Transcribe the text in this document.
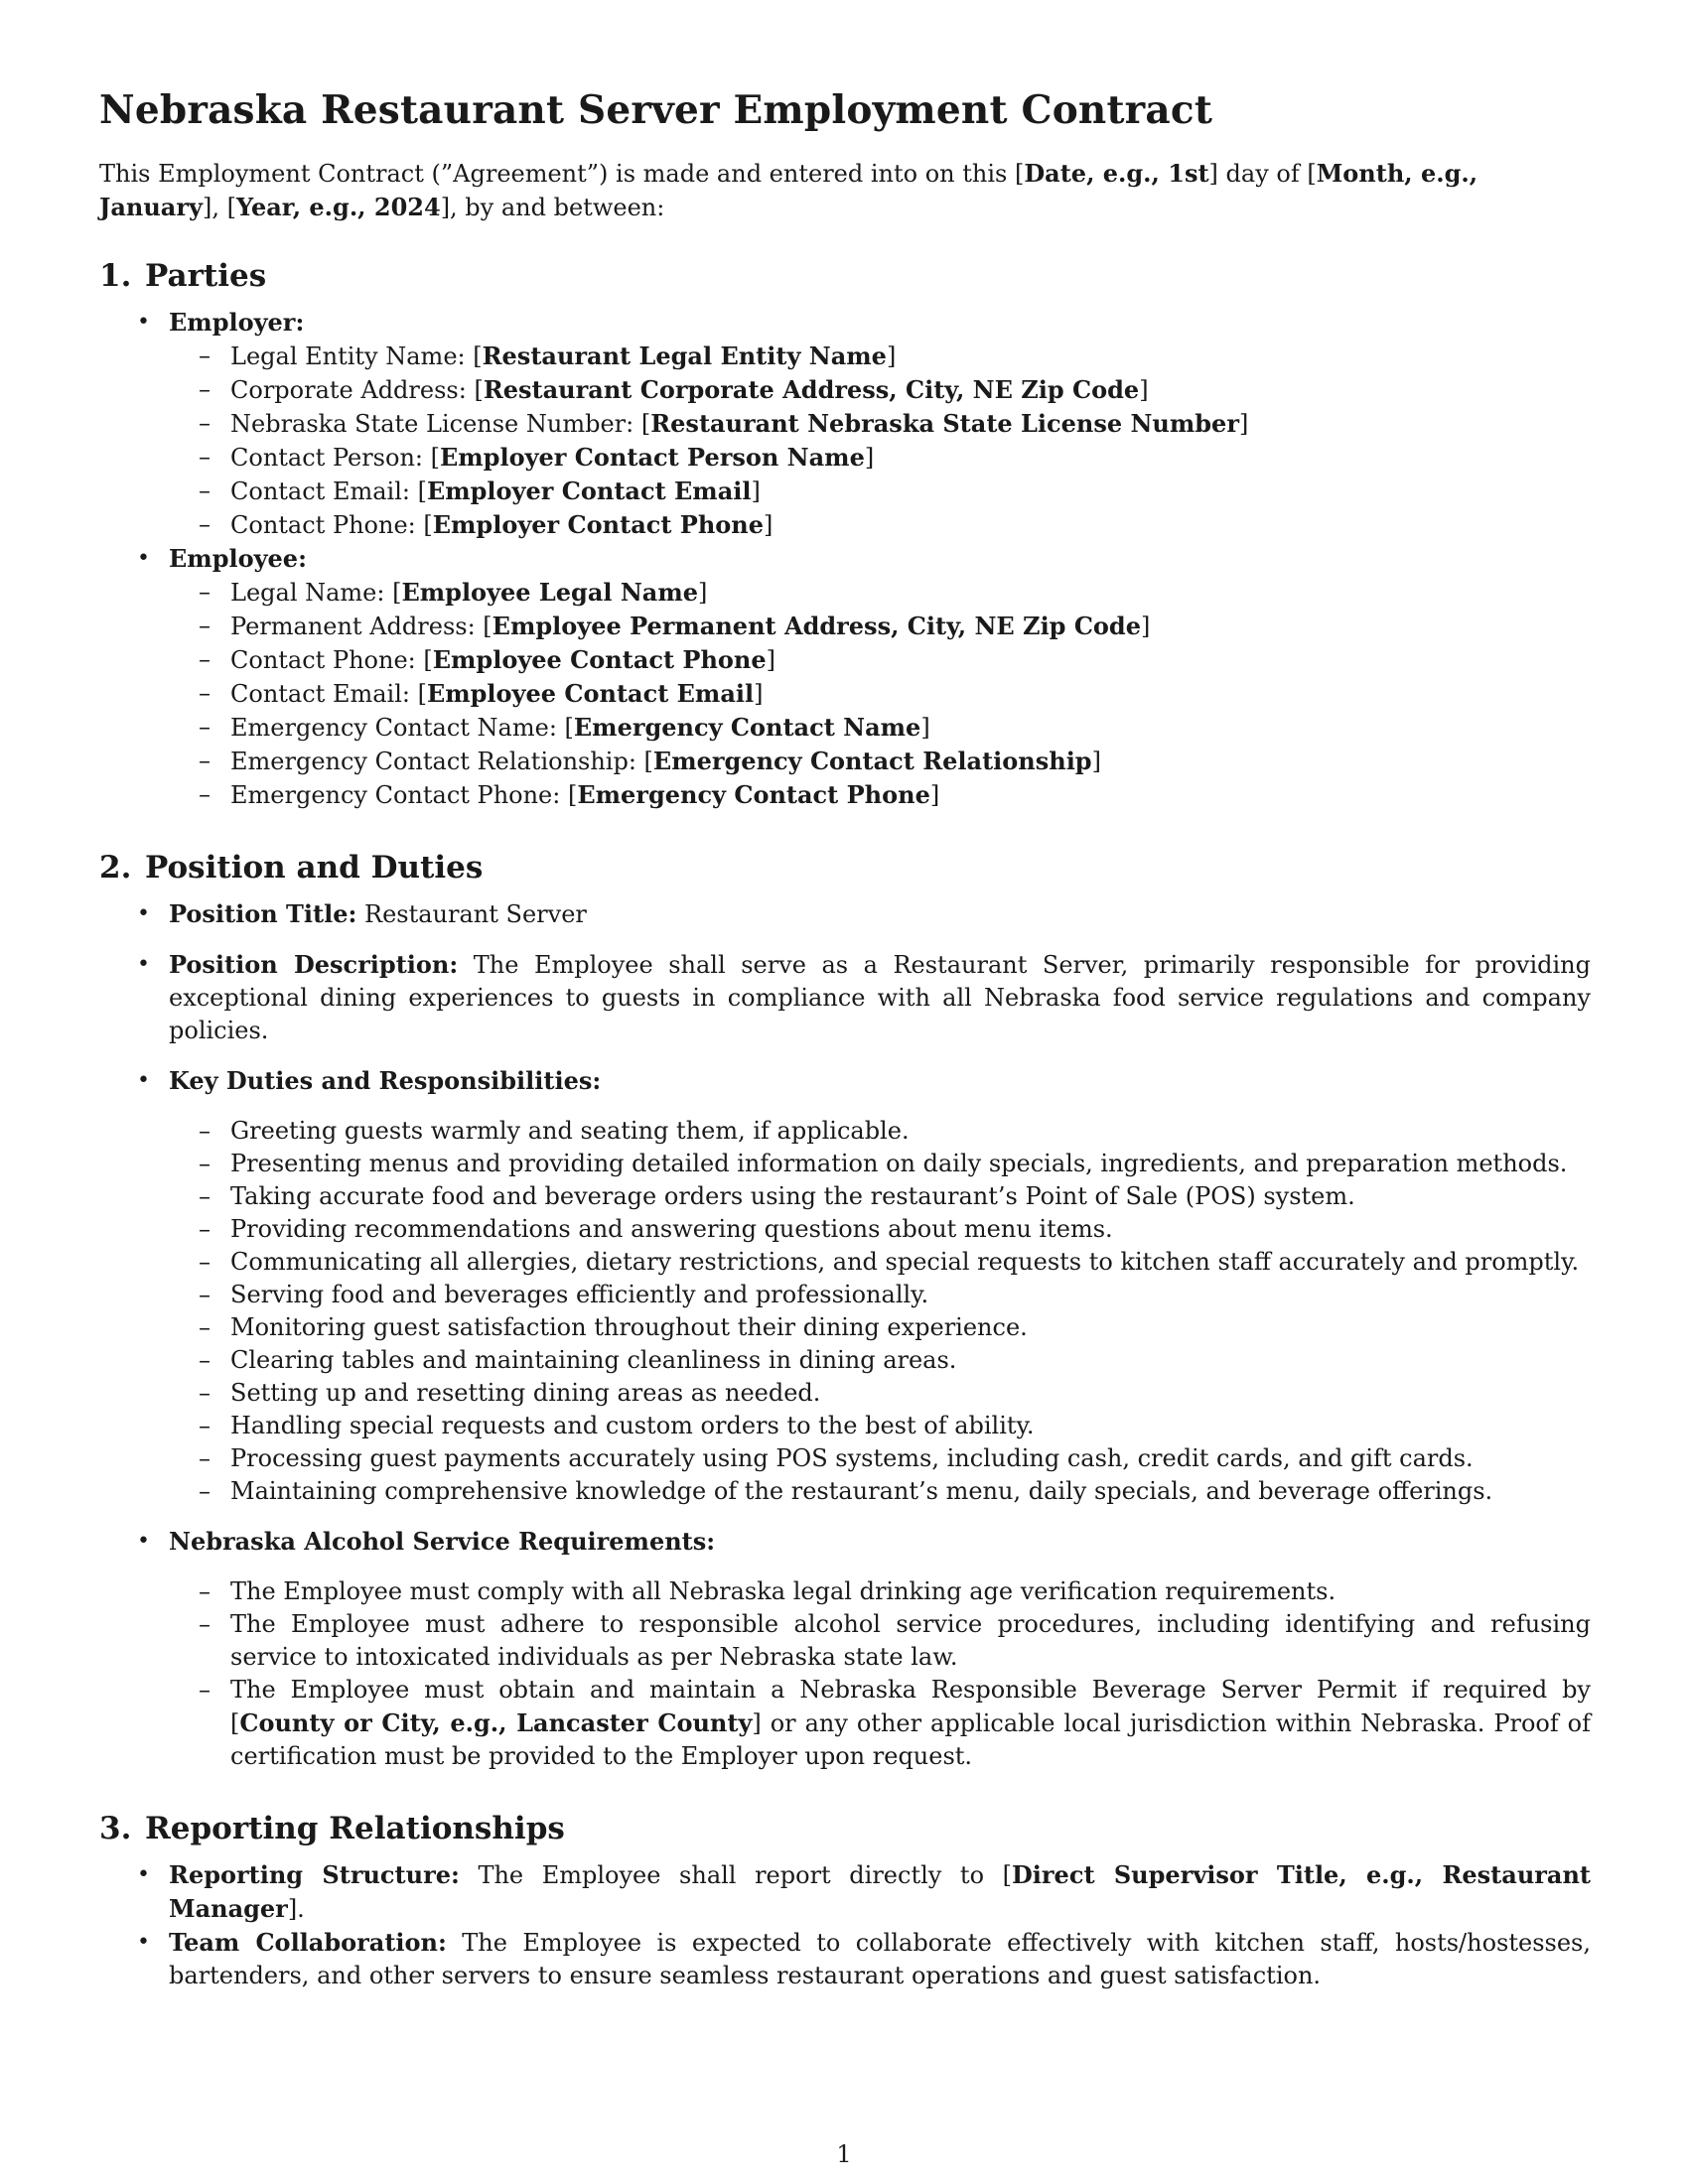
Nebraska Restaurant Server Employment Contract

This Employment Contract (”Agreement”) is made and entered into on this [Date, e.g., 1st] day of [Month, e.g., January], [Year, e.g., 2024], by and between:

1. Parties
• Employer:
– Legal Entity Name: [Restaurant Legal Entity Name]
– Corporate Address: [Restaurant Corporate Address, City, NE Zip Code]
– Nebraska State License Number: [Restaurant Nebraska State License Number]
– Contact Person: [Employer Contact Person Name]
– Contact Email: [Employer Contact Email]
– Contact Phone: [Employer Contact Phone]
• Employee:
– Legal Name: [Employee Legal Name]
– Permanent Address: [Employee Permanent Address, City, NE Zip Code]
– Contact Phone: [Employee Contact Phone]
– Contact Email: [Employee Contact Email]
– Emergency Contact Name: [Emergency Contact Name]
– Emergency Contact Relationship: [Emergency Contact Relationship]
– Emergency Contact Phone: [Emergency Contact Phone]
2. Position and Duties
• Position Title: Restaurant Server
• Position Description: The Employee shall serve as a Restaurant Server, primarily responsible for providing exceptional dining experiences to guests in compliance with all Nebraska food service regulations and company policies.
• Key Duties and Responsibilities:
– Greeting guests warmly and seating them, if applicable.
– Presenting menus and providing detailed information on daily specials, ingredients, and preparation methods.
– Taking accurate food and beverage orders using the restaurant’s Point of Sale (POS) system.
– Providing recommendations and answering questions about menu items.
– Communicating all allergies, dietary restrictions, and special requests to kitchen staff accurately and promptly.
– Serving food and beverages efficiently and professionally.
– Monitoring guest satisfaction throughout their dining experience.
– Clearing tables and maintaining cleanliness in dining areas.
– Setting up and resetting dining areas as needed.
– Handling special requests and custom orders to the best of ability.
– Processing guest payments accurately using POS systems, including cash, credit cards, and gift cards.
– Maintaining comprehensive knowledge of the restaurant’s menu, daily specials, and beverage offerings.
• Nebraska Alcohol Service Requirements:
– The Employee must comply with all Nebraska legal drinking age verification requirements.
– The Employee must adhere to responsible alcohol service procedures, including identifying and refusing service to intoxicated individuals as per Nebraska state law.
– The Employee must obtain and maintain a Nebraska Responsible Beverage Server Permit if required by [County or City, e.g., Lancaster County] or any other applicable local jurisdiction within Nebraska. Proof of certification must be provided to the Employer upon request.
3. Reporting Relationships
• Reporting Structure: The Employee shall report directly to [Direct Supervisor Title, e.g., Restaurant Manager].
• Team Collaboration: The Employee is expected to collaborate effectively with kitchen staff, hosts/hostesses, bartenders, and other servers to ensure seamless restaurant operations and guest satisfaction.
1
